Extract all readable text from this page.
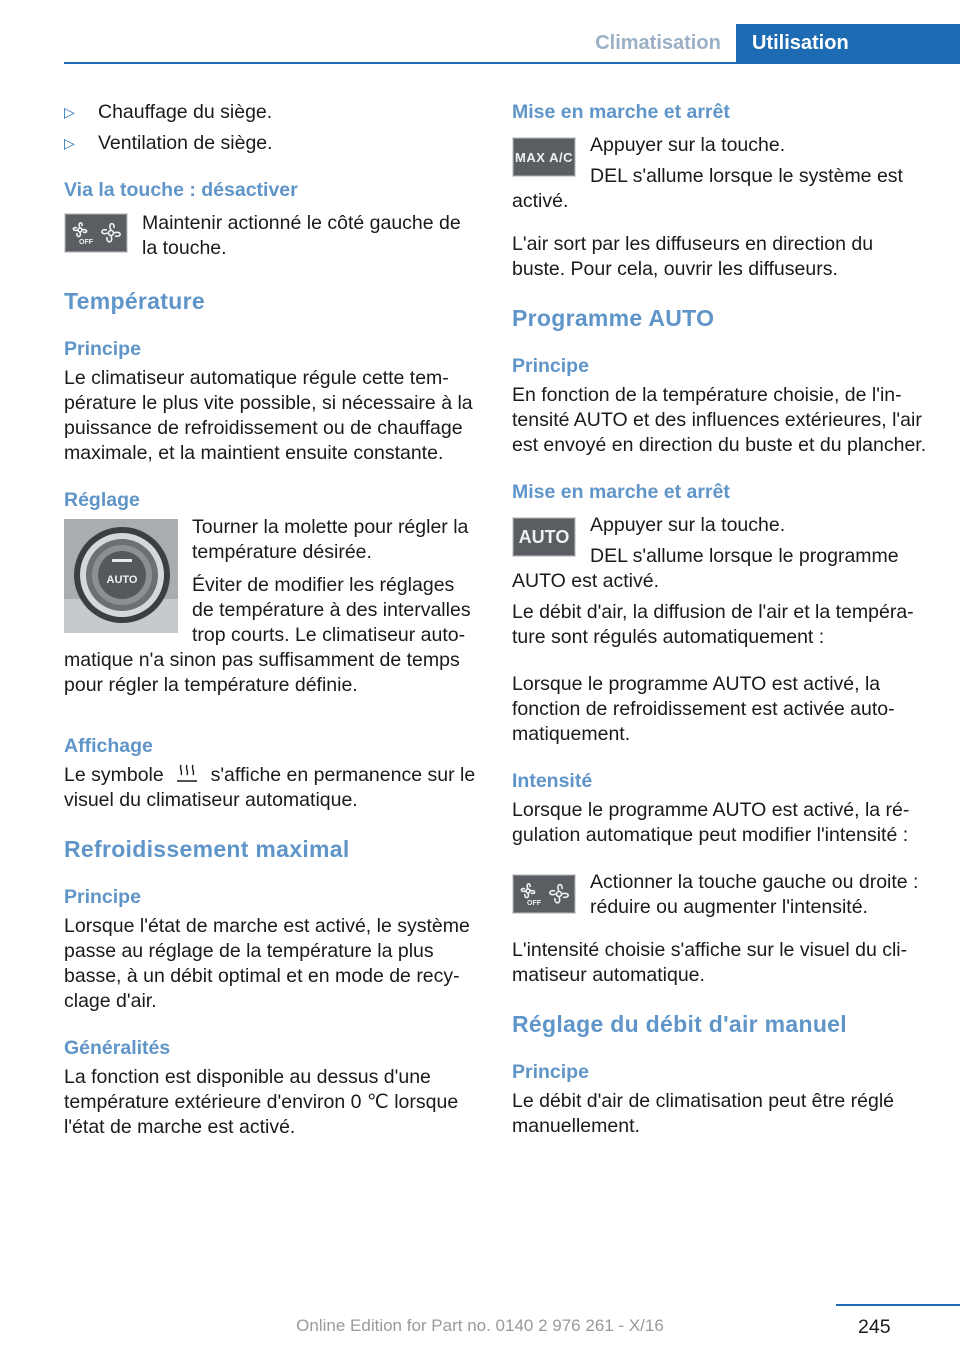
Climatisation	Utilisation
▷	Chauffage du siège.

▷	Ventilation de siège.

Via la touche : désactiver
OFF

Maintenir actionné le côté gauche de la touche.

Température
Principe

Le climatiseur automatique régule cette tem-pérature le plus vite possible, si nécessaire à la puissance de refroidissement ou de chauffage maximale, et la maintient ensuite constante.

Réglage
AUTO

Tourner la molette pour régler la température désirée.

Éviter de modifier les réglages de température à des intervalles trop courts. Le climatiseur auto-matique n'a sinon pas suffisamment de temps pour régler la température définie.

Affichage

Le symbole s'affiche en permanence sur le visuel du climatiseur automatique.

Refroidissement maximal
Principe

Lorsque l'état de marche est activé, le système passe au réglage de la température la plus basse, à un débit optimal et en mode de recy-clage d'air.

Généralités

La fonction est disponible au dessus d'une température extérieure d'environ 0 ℃ lorsque l'état de marche est activé.

Mise en marche et arrêt
MAX A/C

Appuyer sur la touche.

DEL s'allume lorsque le système est activé.

L'air sort par les diffuseurs en direction du buste. Pour cela, ouvrir les diffuseurs.

Programme AUTO
Principe

En fonction de la température choisie, de l'in-tensité AUTO et des influences extérieures, l'air est envoyé en direction du buste et du plancher.

Mise en marche et arrêt
AUTO

Appuyer sur la touche.

DEL s'allume lorsque le programme AUTO est activé.

Le débit d'air, la diffusion de l'air et la tempéra-ture sont régulés automatiquement :

Lorsque le programme AUTO est activé, la fonction de refroidissement est activée auto-matiquement.

Intensité

Lorsque le programme AUTO est activé, la ré-gulation automatique peut modifier l'intensité :

OFF

Actionner la touche gauche ou droite : réduire ou augmenter l'intensité.

L'intensité choisie s'affiche sur le visuel du cli-matiseur automatique.

Réglage du débit d'air manuel
Principe

Le débit d'air de climatisation peut être réglé manuellement.

245
Online Edition for Part no. 0140 2 976 261 - X/16
